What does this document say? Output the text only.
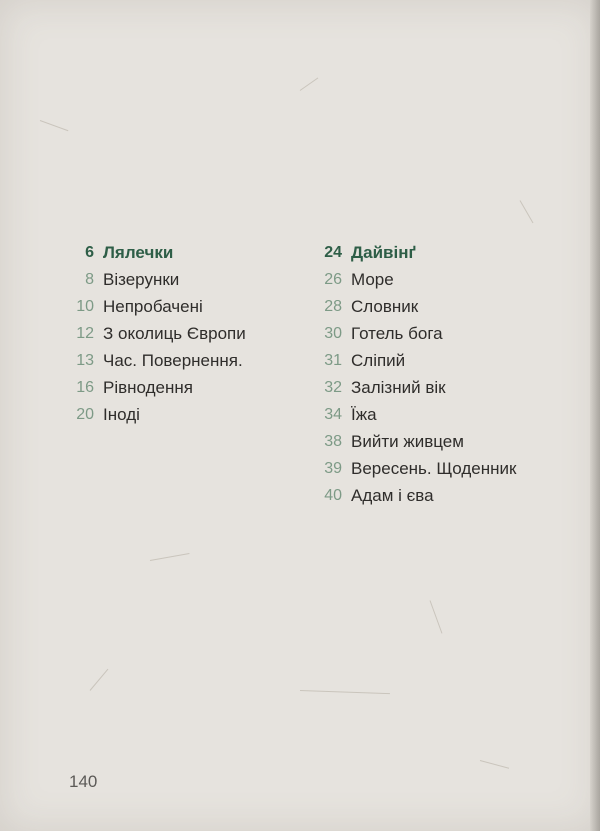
6 Лялечки
8 Візерунки
10 Непробачені
12 З околиць Європи
13 Час. Повернення.
16 Рівнодення
20 Іноді
24 Дайвінґ
26 Море
28 Словник
30 Готель бога
31 Сліпий
32 Залізний вік
34 Їжа
38 Вийти живцем
39 Вересень. Щоденник
40 Адам і єва
140
